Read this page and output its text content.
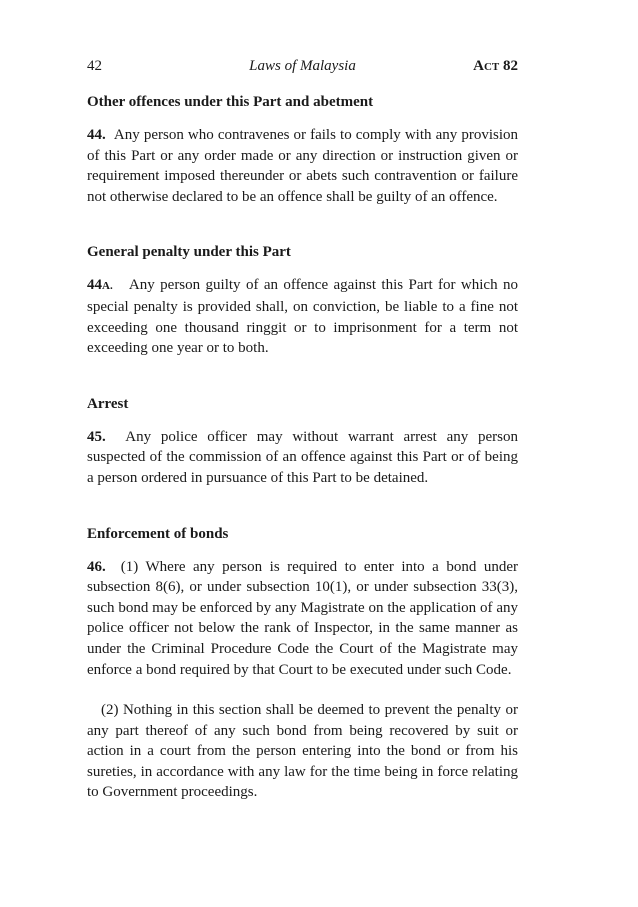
42	Laws of Malaysia	ACT 82
Other offences under this Part and abetment

44. Any person who contravenes or fails to comply with any provision of this Part or any order made or any direction or instruction given or requirement imposed thereunder or abets such contravention or failure not otherwise declared to be an offence shall be guilty of an offence.

General penalty under this Part

44A. Any person guilty of an offence against this Part for which no special penalty is provided shall, on conviction, be liable to a fine not exceeding one thousand ringgit or to imprisonment for a term not exceeding one year or to both.

Arrest

45. Any police officer may without warrant arrest any person suspected of the commission of an offence against this Part or of being a person ordered in pursuance of this Part to be detained.

Enforcement of bonds

46. (1) Where any person is required to enter into a bond under subsection 8(6), or under subsection 10(1), or under subsection 33(3), such bond may be enforced by any Magistrate on the application of any police officer not below the rank of Inspector, in the same manner as under the Criminal Procedure Code the Court of the Magistrate may enforce a bond required by that Court to be executed under such Code.

(2) Nothing in this section shall be deemed to prevent the penalty or any part thereof of any such bond from being recovered by suit or action in a court from the person entering into the bond or from his sureties, in accordance with any law for the time being in force relating to Government proceedings.
